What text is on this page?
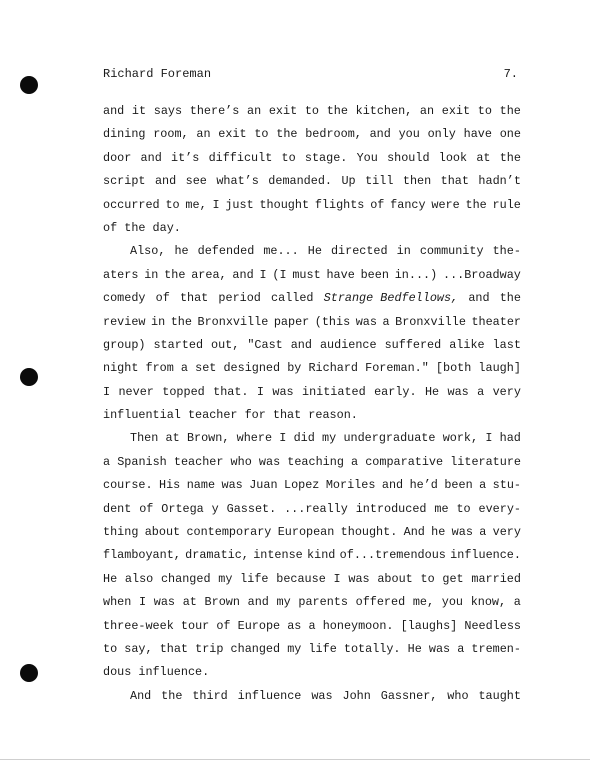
Richard Foreman	7.
and it says there’s an exit to the kitchen, an exit to the
dining room, an exit to the bedroom, and you only have one
door and it’s difficult to stage. You should look at the
script and see what’s demanded. Up till then that hadn’t
occurred to me, I just thought flights of fancy were the rule
of the day.
Also, he defended me... He directed in community the-
aters in the area, and I (I must have been in...) ...Broadway
comedy of that period called Strange Bedfellows, and the
review in the Bronxville paper (this was a Bronxville theater
group) started out, "Cast and audience suffered alike last
night from a set designed by Richard Foreman." [both laugh]
I never topped that. I was initiated early. He was a very
influential teacher for that reason.
Then at Brown, where I did my undergraduate work, I had
a Spanish teacher who was teaching a comparative literature
course. His name was Juan Lopez Moriles and he’d been a stu-
dent of Ortega y Gasset. ...really introduced me to every-
thing about contemporary European thought. And he was a very
flamboyant, dramatic, intense kind of...tremendous influence.
He also changed my life because I was about to get married
when I was at Brown and my parents offered me, you know, a
three-week tour of Europe as a honeymoon. [laughs] Needless
to say, that trip changed my life totally. He was a tremen-
dous influence.
And the third influence was John Gassner, who taught
